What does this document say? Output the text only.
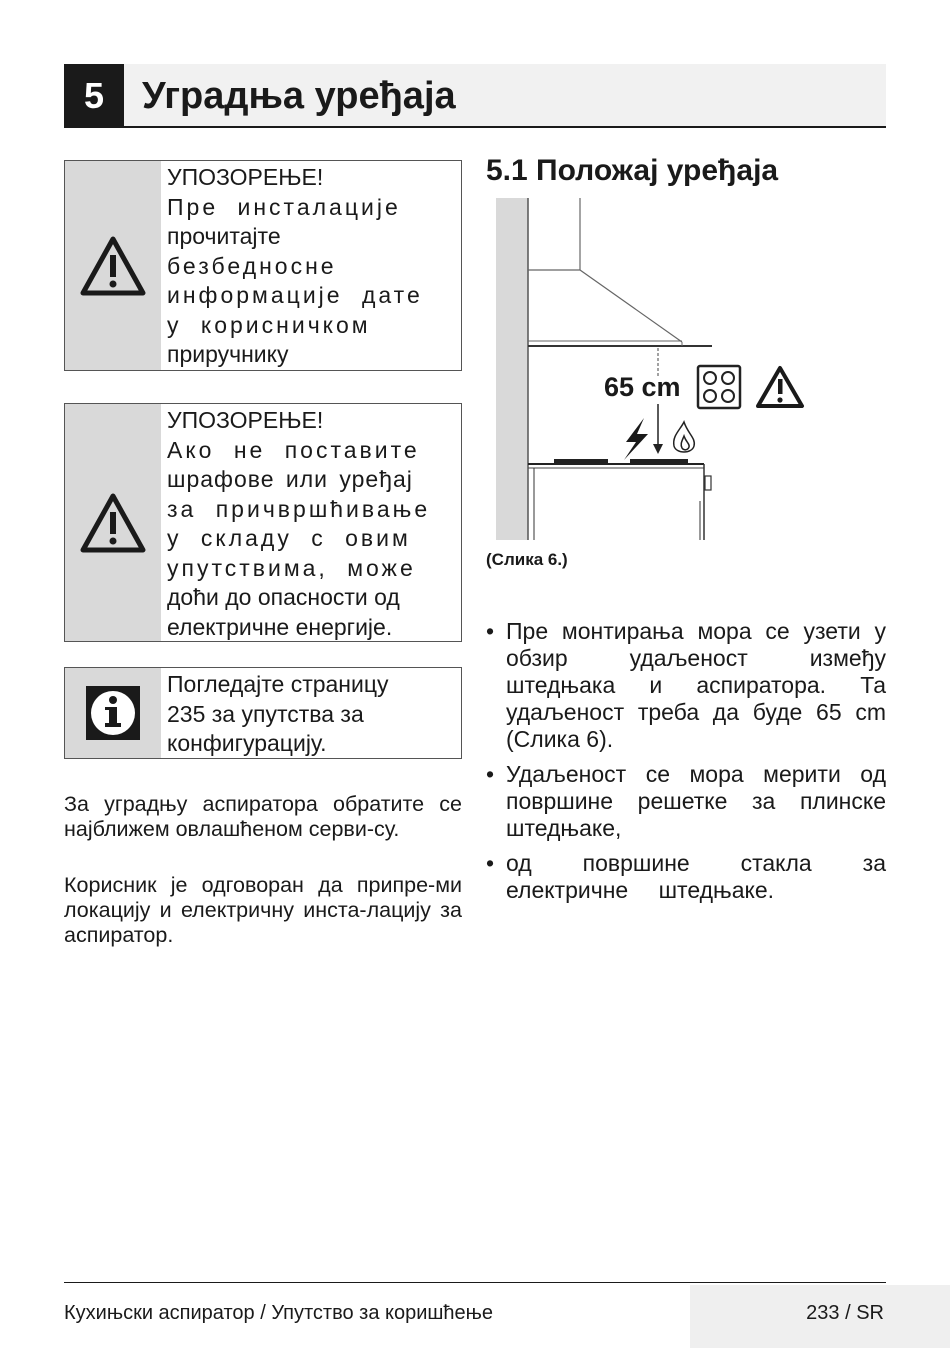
5 Уградња уређаја
УПОЗОРЕЊЕ!
Пре инсталације
прочитајте
безбедносне
информације дате
у корисничком
приручнику
УПОЗОРЕЊЕ!
Ако не поставите
шрафове или уређај
за причвршћивање
у складу с овим
упутствима, може
доћи до опасности од
електричне енергије.
Погледајте страницу
235 за упутства за
конфигурацију.
За уградњу аспиратора обратите се најближем овлашћеном серви-су.
Корисник је одговоран да припре-ми локацију и електричну инста-лацију за аспиратор.
5.1 Положај уређаја
65 cm
(Слика 6.)
• Пре монтирања мора се узети у обзир удаљеност између штедњака и аспиратора. Та удаљеност треба да буде 65 cm (Слика 6).
• Удаљеност се мора мерити од површине решетке за плинске штедњаке,
• од површине стакла за електричне штедњаке.
Кухињски аспиратор / Упутство за коришћење	233 / SR
